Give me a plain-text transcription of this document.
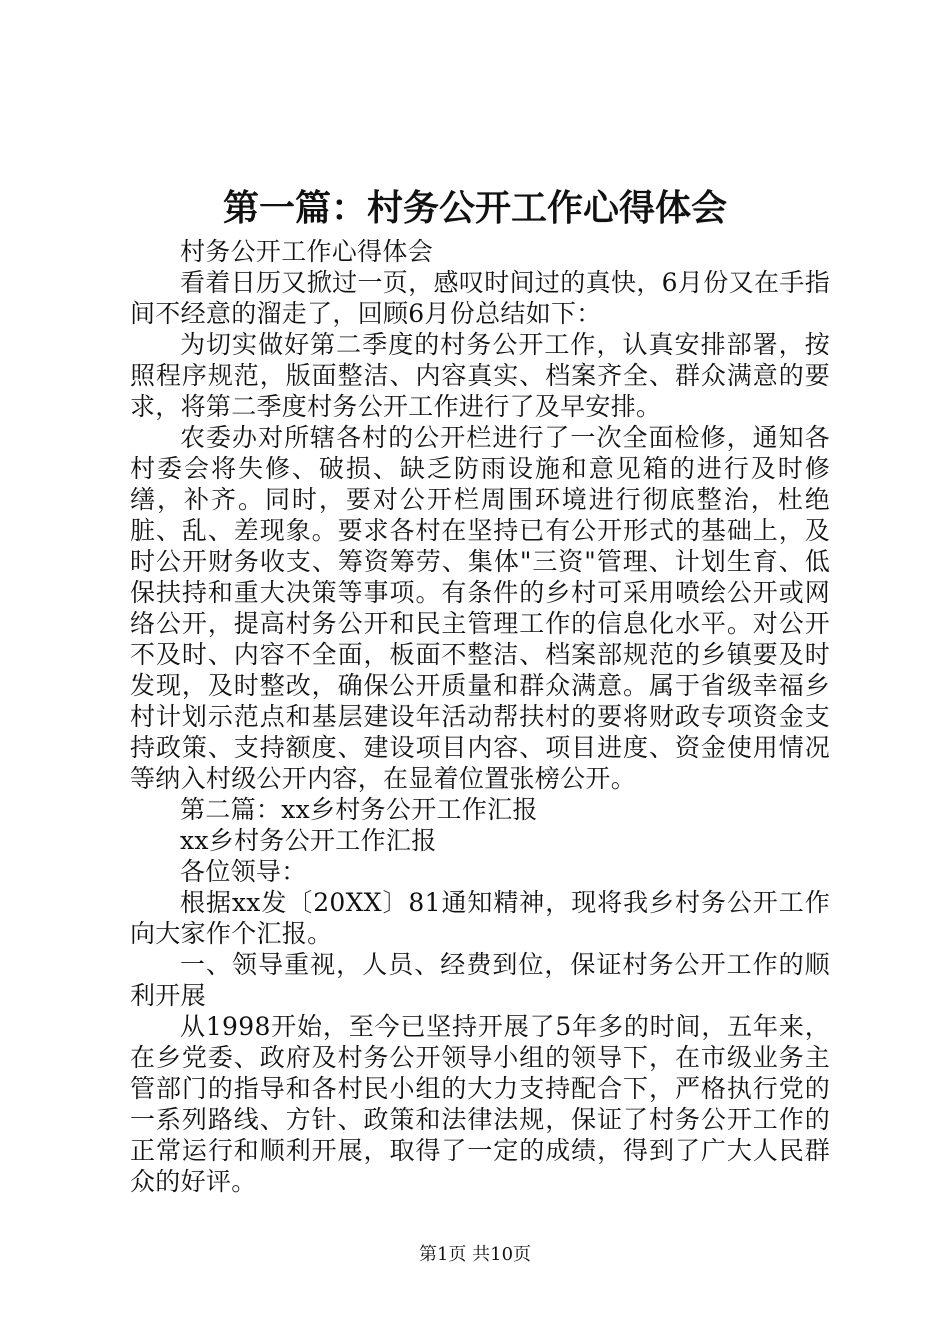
第一篇：村务公开工作心得体会

村务公开工作心得体会

看着日历又掀过一页，感叹时间过的真快，6月份又在手指间不经意的溜走了，回顾6月份总结如下：

为切实做好第二季度的村务公开工作，认真安排部署，按照程序规范，版面整洁、内容真实、档案齐全、群众满意的要求，将第二季度村务公开工作进行了及早安排。

农委办对所辖各村的公开栏进行了一次全面检修，通知各村委会将失修、破损、缺乏防雨设施和意见箱的进行及时修缮，补齐。同时，要对公开栏周围环境进行彻底整治，杜绝脏、乱、差现象。要求各村在坚持已有公开形式的基础上，及时公开财务收支、筹资筹劳、集体"三资"管理、计划生育、低保扶持和重大决策等事项。有条件的乡村可采用喷绘公开或网络公开，提高村务公开和民主管理工作的信息化水平。对公开不及时、内容不全面，板面不整洁、档案部规范的乡镇要及时发现，及时整改，确保公开质量和群众满意。属于省级幸福乡村计划示范点和基层建设年活动帮扶村的要将财政专项资金支持政策、支持额度、建设项目内容、项目进度、资金使用情况等纳入村级公开内容，在显着位置张榜公开。

第二篇：xx乡村务公开工作汇报

xx乡村务公开工作汇报

各位领导：

根据xx发〔20XX〕81通知精神，现将我乡村务公开工作向大家作个汇报。

一、领导重视，人员、经费到位，保证村务公开工作的顺利开展

从1998开始，至今已坚持开展了5年多的时间，五年来，在乡党委、政府及村务公开领导小组的领导下，在市级业务主管部门的指导和各村民小组的大力支持配合下，严格执行党的一系列路线、方针、政策和法律法规，保证了村务公开工作的正常运行和顺利开展，取得了一定的成绩，得到了广大人民群众的好评。

第1页 共10页
